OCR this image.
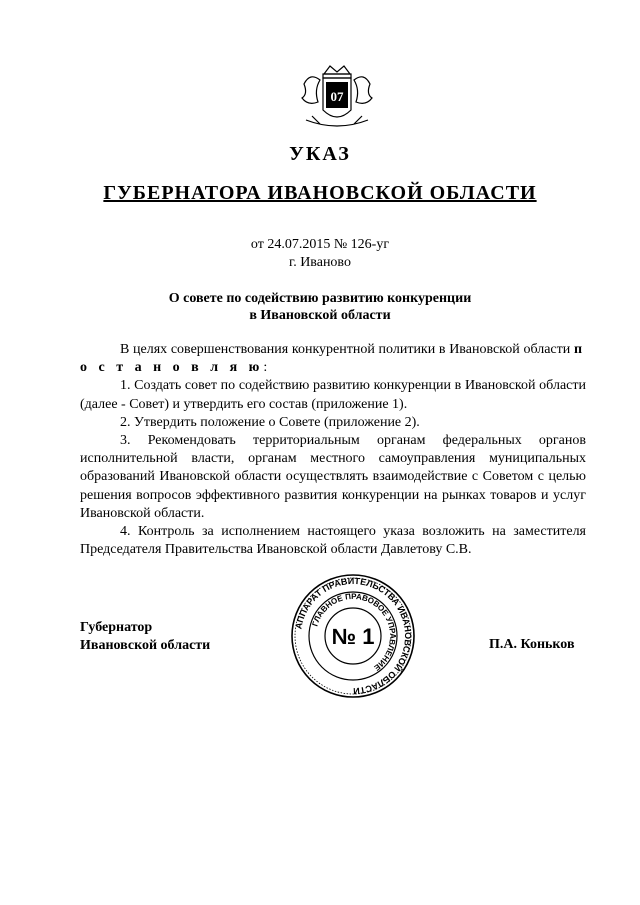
07
УКАЗ
ГУБЕРНАТОРА ИВАНОВСКОЙ ОБЛАСТИ
от 24.07.2015 № 126-уг
г. Иваново
О совете по содействию развитию конкуренции
в Ивановской области

В целях совершенствования конкурентной политики в Ивановской области п о с т а н о в л я ю:

1. Создать совет по содействию развитию конкуренции в Ивановской области (далее - Совет) и утвердить его состав (приложение 1).

2. Утвердить положение о Совете (приложение 2).

3. Рекомендовать территориальным органам федеральных органов исполнительной власти, органам местного самоуправления муниципальных образований Ивановской области осуществлять взаимодействие с Советом с целью решения вопросов эффективного развития конкуренции на рынках товаров и услуг Ивановской области.

4. Контроль за исполнением настоящего указа возложить на заместителя Председателя Правительства Ивановской области Давлетову С.В.

Губернатор
Ивановской области	П.А. Коньков
АППАРАТ ПРАВИТЕЛЬСТВА ИВАНОВСКОЙ ОБЛАСТИ
ГЛАВНОЕ ПРАВОВОЕ УПРАВЛЕНИЕ
№ 1
